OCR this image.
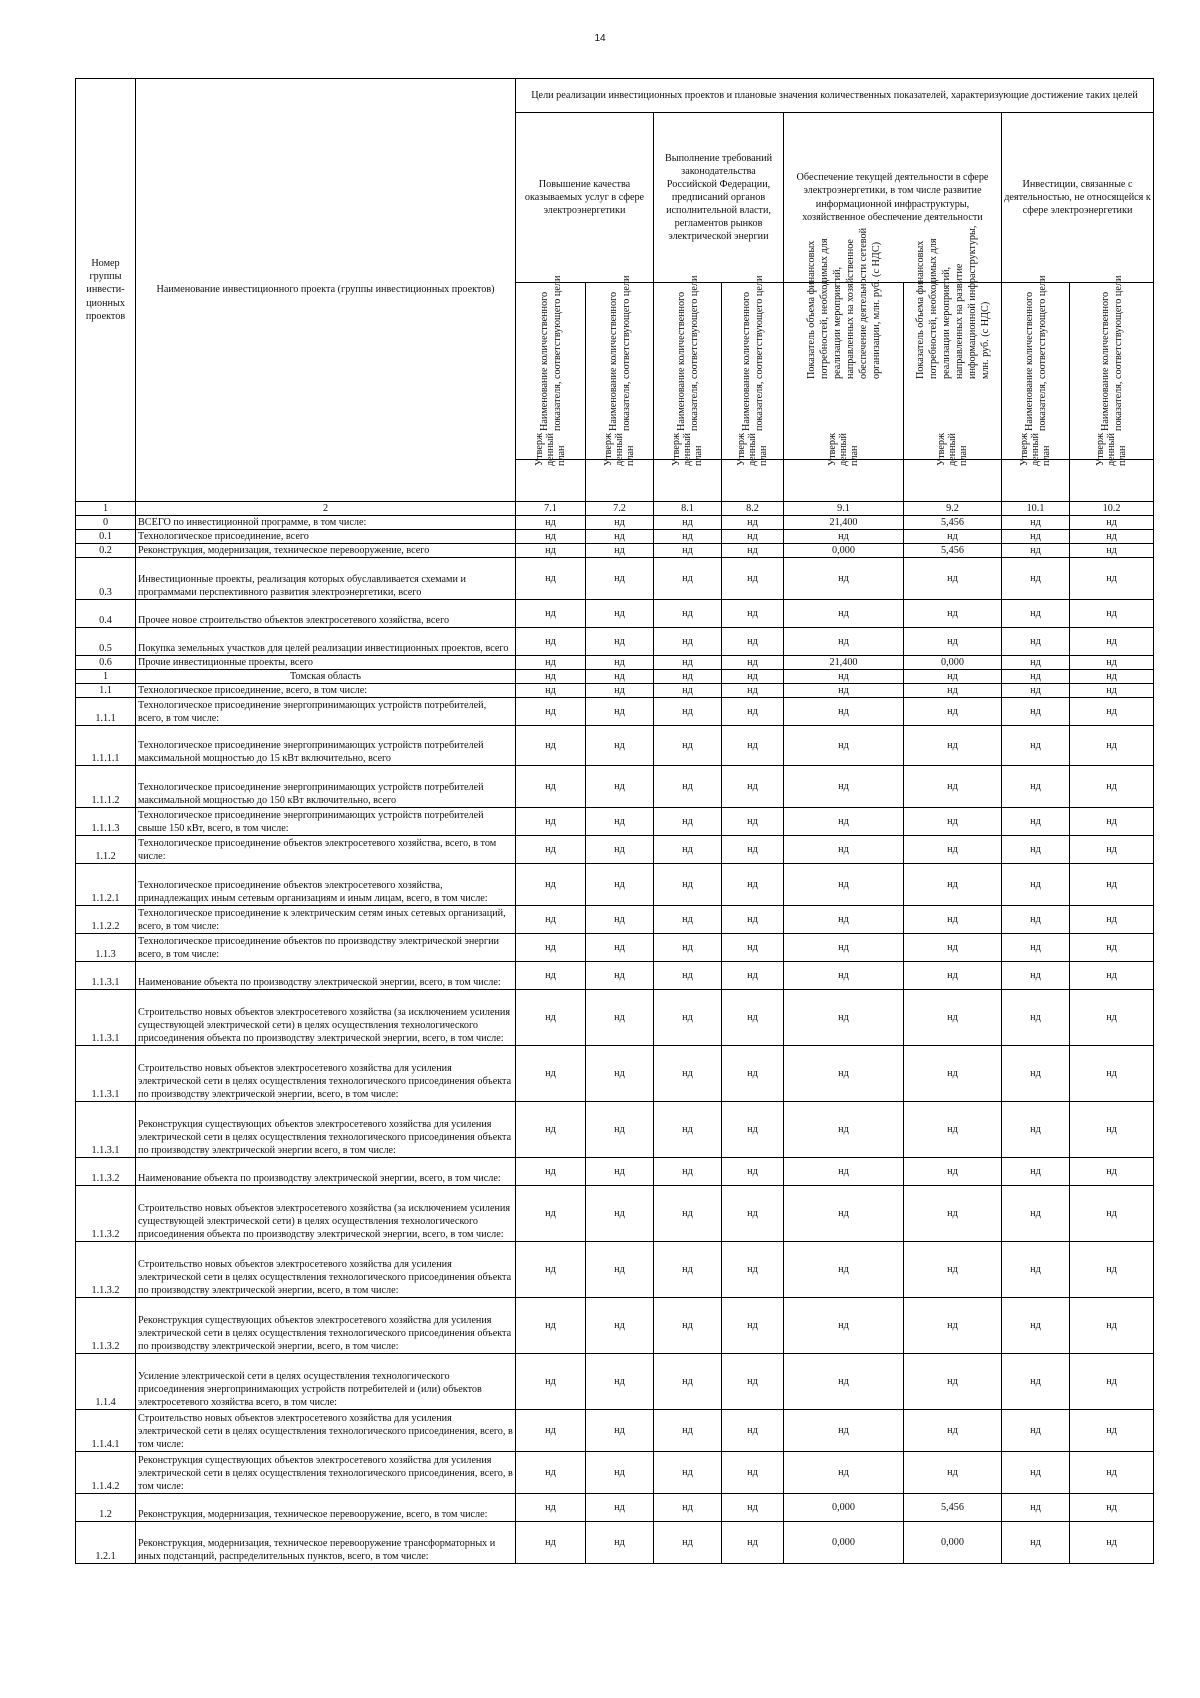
14
Номер группы инвести-ционных проектов	Наименование инвестиционного проекта (группы инвестиционных проектов)	Цели реализации инвестиционных проектов и плановые значения количественных показателей, характеризующие достижение таких целей							
		Повышение качества оказываемых услуг в сфере электроэнергетики		Выполнение требований законодательства Российской Федерации, предписаний органов исполнительной власти, регламентов рынков электрической энергии		Обеспечение текущей деятельности в сфере электроэнергетики, в том числе развитие информационной инфраструктуры, хозяйственное обеспечение деятельности		Инвестиции, связанные с деятельностью, не относящейся к сфере электроэнергетики	

		Наименование количественного показателя, соответствующего цели	Наименование количественного показателя, соответствующего цели	Наименование количественного показателя, соответствующего цели	Наименование количественного показателя, соответствующего цели	Показатель объема финансовых потребностей, необходимых для реализации мероприятий, направленных на хозяйственное обеспечение деятельности сетевой организации, млн. руб. (с НДС)	Показатель объема финансовых потребностей, необходимых для реализации мероприятий, направленных на развитие информационной инфраструктуры, млн. руб. (с НДС)	Наименование количественного показателя, соответствующего цели	Наименование количественного показателя, соответствующего цели

		Утверж денный план	Утверж денный план	Утверж денный план	Утверж денный план	Утверж денный план	Утверж денный план	Утверж денный план	Утверж денный план

1	2	7.1	7.2	8.1	8.2	9.1	9.2	10.1	10.2
0	ВСЕГО по инвестиционной программе, в том числе:	нд	нд	нд	нд	21,400	5,456	нд	нд
0.1	Технологическое присоединение, всего	нд	нд	нд	нд	нд	нд	нд	нд
0.2	Реконструкция, модернизация, техническое перевооружение, всего	нд	нд	нд	нд	0,000	5,456	нд	нд
0.3	Инвестиционные проекты, реализация которых обуславливается схемами и программами перспективного развития электроэнергетики, всего	нд	нд	нд	нд	нд	нд	нд	нд
0.4	Прочее новое строительство объектов электросетевого хозяйства, всего	нд	нд	нд	нд	нд	нд	нд	нд
0.5	Покупка земельных участков для целей реализации инвестиционных проектов, всего	нд	нд	нд	нд	нд	нд	нд	нд
0.6	Прочие инвестиционные проекты, всего	нд	нд	нд	нд	21,400	0,000	нд	нд
1	Томская область	нд	нд	нд	нд	нд	нд	нд	нд
1.1	Технологическое присоединение, всего, в том числе:	нд	нд	нд	нд	нд	нд	нд	нд
1.1.1	Технологическое присоединение энергопринимающих устройств потребителей, всего, в том числе:	нд	нд	нд	нд	нд	нд	нд	нд
1.1.1.1	Технологическое присоединение энергопринимающих устройств потребителей максимальной мощностью до 15 кВт включительно, всего	нд	нд	нд	нд	нд	нд	нд	нд
1.1.1.2	Технологическое присоединение энергопринимающих устройств потребителей максимальной мощностью до 150 кВт включительно, всего	нд	нд	нд	нд	нд	нд	нд	нд
1.1.1.3	Технологическое присоединение энергопринимающих устройств потребителей свыше 150 кВт, всего, в том числе:	нд	нд	нд	нд	нд	нд	нд	нд
1.1.2	Технологическое присоединение объектов электросетевого хозяйства, всего, в том числе:	нд	нд	нд	нд	нд	нд	нд	нд
1.1.2.1	Технологическое присоединение объектов электросетевого хозяйства, принадлежащих иным сетевым организациям и иным лицам, всего, в том числе:	нд	нд	нд	нд	нд	нд	нд	нд
1.1.2.2	Технологическое присоединение к электрическим сетям иных сетевых организаций, всего, в том числе:	нд	нд	нд	нд	нд	нд	нд	нд
1.1.3	Технологическое присоединение объектов по производству электрической энергии всего, в том числе:	нд	нд	нд	нд	нд	нд	нд	нд
1.1.3.1	Наименование объекта по производству электрической энергии, всего, в том числе:	нд	нд	нд	нд	нд	нд	нд	нд
1.1.3.1	Строительство новых объектов электросетевого хозяйства (за исключением усиления существующей электрической сети) в целях осуществления технологического присоединения объекта по производству электрической энергии, всего, в том числе:	нд	нд	нд	нд	нд	нд	нд	нд
1.1.3.1	Строительство новых объектов электросетевого хозяйства для усиления электрической сети в целях осуществления технологического присоединения объекта по производству электрической энергии, всего, в том числе:	нд	нд	нд	нд	нд	нд	нд	нд
1.1.3.1	Реконструкция существующих объектов электросетевого хозяйства для усиления электрической сети в целях осуществления технологического присоединения объекта по производству электрической энергии всего, в том числе:	нд	нд	нд	нд	нд	нд	нд	нд
1.1.3.2	Наименование объекта по производству электрической энергии, всего, в том числе:	нд	нд	нд	нд	нд	нд	нд	нд
1.1.3.2	Строительство новых объектов электросетевого хозяйства (за исключением усиления существующей электрической сети) в целях осуществления технологического присоединения объекта по производству электрической энергии, всего, в том числе:	нд	нд	нд	нд	нд	нд	нд	нд
1.1.3.2	Строительство новых объектов электросетевого хозяйства для усиления электрической сети в целях осуществления технологического присоединения объекта по производству электрической энергии, всего, в том числе:	нд	нд	нд	нд	нд	нд	нд	нд
1.1.3.2	Реконструкция существующих объектов электросетевого хозяйства для усиления электрической сети в целях осуществления технологического присоединения объекта по производству электрической энергии, всего, в том числе:	нд	нд	нд	нд	нд	нд	нд	нд
1.1.4	Усиление электрической сети в целях осуществления технологического присоединения энергопринимающих устройств потребителей и (или) объектов электросетевого хозяйства всего, в том числе:	нд	нд	нд	нд	нд	нд	нд	нд
1.1.4.1	Строительство новых объектов электросетевого хозяйства для усиления электрической сети в целях осуществления технологического присоединения, всего, в том числе:	нд	нд	нд	нд	нд	нд	нд	нд
1.1.4.2	Реконструкция существующих объектов электросетевого хозяйства для усиления электрической сети в целях осуществления технологического присоединения, всего, в том числе:	нд	нд	нд	нд	нд	нд	нд	нд
1.2	Реконструкция, модернизация, техническое перевооружение, всего, в том числе:	нд	нд	нд	нд	0,000	5,456	нд	нд
1.2.1	Реконструкция, модернизация, техническое перевооружение трансформаторных и иных подстанций, распределительных пунктов, всего, в том числе:	нд	нд	нд	нд	0,000	0,000	нд	нд
